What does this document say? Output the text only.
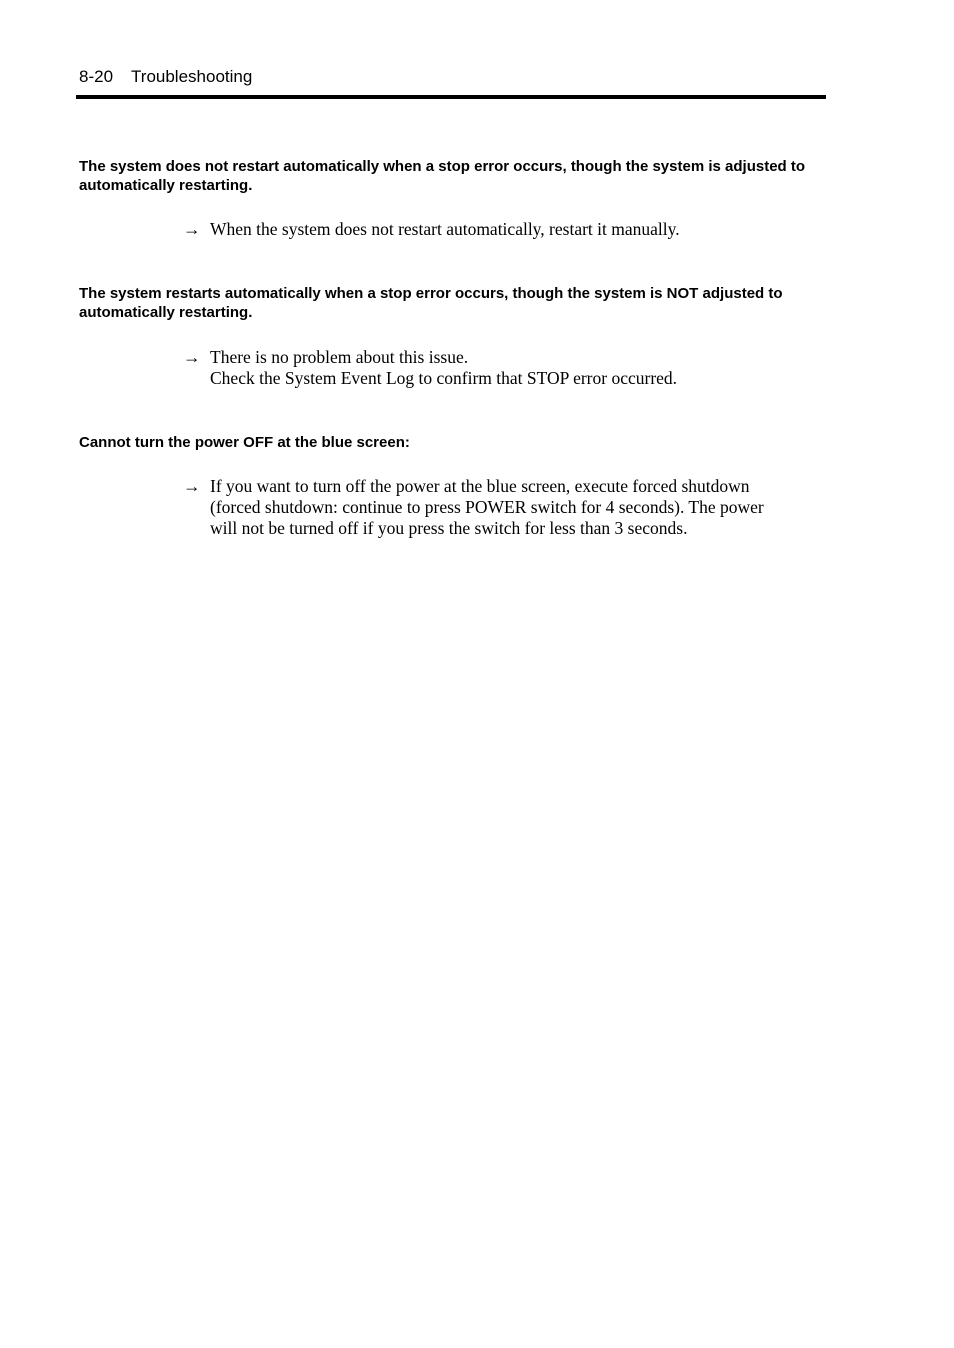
8-20 Troubleshooting
The system does not restart automatically when a stop error occurs, though the system is adjusted to automatically restarting.
→ When the system does not restart automatically, restart it manually.
The system restarts automatically when a stop error occurs, though the system is NOT adjusted to automatically restarting.
→ There is no problem about this issue.
Check the System Event Log to confirm that STOP error occurred.
Cannot turn the power OFF at the blue screen:
→ If you want to turn off the power at the blue screen, execute forced shutdown
(forced shutdown: continue to press POWER switch for 4 seconds). The power
will not be turned off if you press the switch for less than 3 seconds.
